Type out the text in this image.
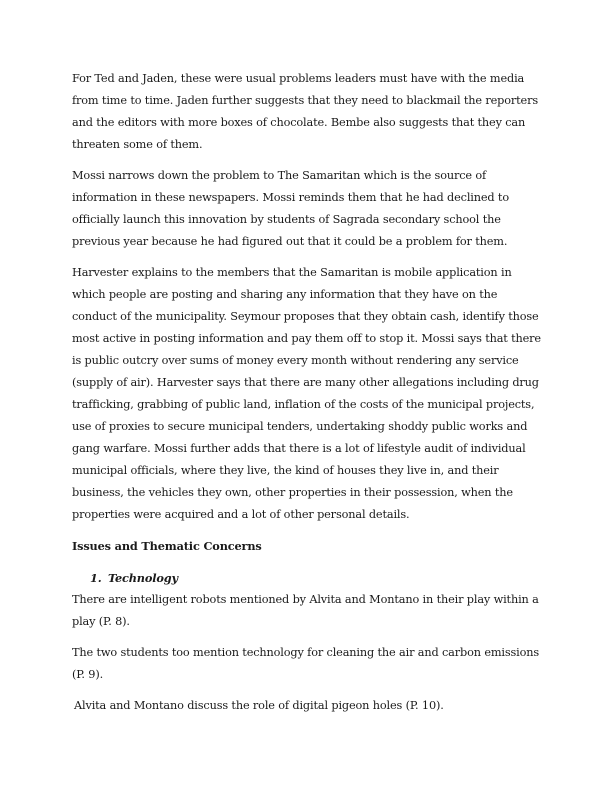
For Ted and Jaden, these were usual problems leaders must have with the media from time to time. Jaden further suggests that they need to blackmail the reporters and the editors with more boxes of chocolate. Bembe also suggests that they can threaten some of them.

Mossi narrows down the problem to The Samaritan which is the source of information in these newspapers. Mossi reminds them that he had declined to officially launch this innovation by students of Sagrada secondary school the previous year because he had figured out that it could be a problem for them.

Harvester explains to the members that the Samaritan is mobile application in which people are posting and sharing any information that they have on the conduct of the municipality. Seymour proposes that they obtain cash, identify those most active in posting information and pay them off to stop it. Mossi says that there is public outcry over sums of money every month without rendering any service (supply of air). Harvester says that there are many other allegations including drug trafficking, grabbing of public land, inflation of the costs of the municipal projects, use of proxies to secure municipal tenders, undertaking shoddy public works and gang warfare. Mossi further adds that there is a lot of lifestyle audit of individual municipal officials, where they live, the kind of houses they live in, and their business, the vehicles they own, other properties in their possession, when the properties were acquired and a lot of other personal details.

Issues and Thematic Concerns

1. Technology

There are intelligent robots mentioned by Alvita and Montano in their play within a play (P. 8).

The two students too mention technology for cleaning the air and carbon emissions (P. 9).

Alvita and Montano discuss the role of digital pigeon holes (P. 10).
